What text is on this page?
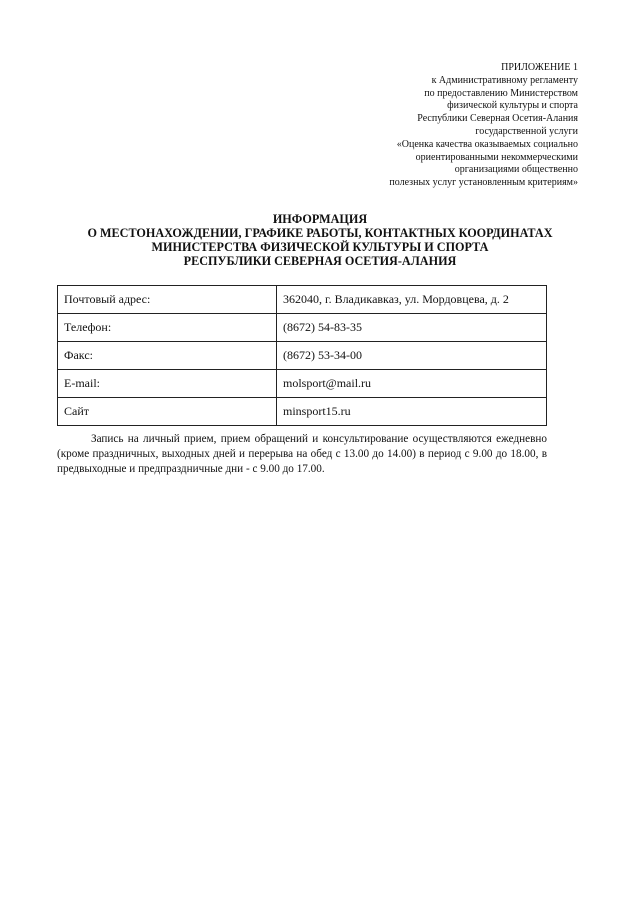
ПРИЛОЖЕНИЕ 1
к Административному регламенту
по предоставлению Министерством
физической культуры и спорта
Республики Северная Осетия-Алания
государственной услуги
«Оценка качества оказываемых социально
ориентированными некоммерческими
организациями общественно
полезных услуг установленным критериям»
ИНФОРМАЦИЯ
О МЕСТОНАХОЖДЕНИИ, ГРАФИКЕ РАБОТЫ, КОНТАКТНЫХ КООРДИНАТАХ
МИНИСТЕРСТВА ФИЗИЧЕСКОЙ КУЛЬТУРЫ И СПОРТА
РЕСПУБЛИКИ СЕВЕРНАЯ ОСЕТИЯ-АЛАНИЯ
Почтовый адрес:	362040, г. Владикавказ, ул. Мордовцева, д. 2
Телефон:	(8672) 54-83-35
Факс:	(8672) 53-34-00
E-mail:	molsport@mail.ru
Сайт	minsport15.ru
Запись на личный прием, прием обращений и консультирование осуществляются ежедневно (кроме праздничных, выходных дней и перерыва на обед с 13.00 до 14.00) в период с 9.00 до 18.00, в предвыходные и предпраздничные дни - с 9.00 до 17.00.
